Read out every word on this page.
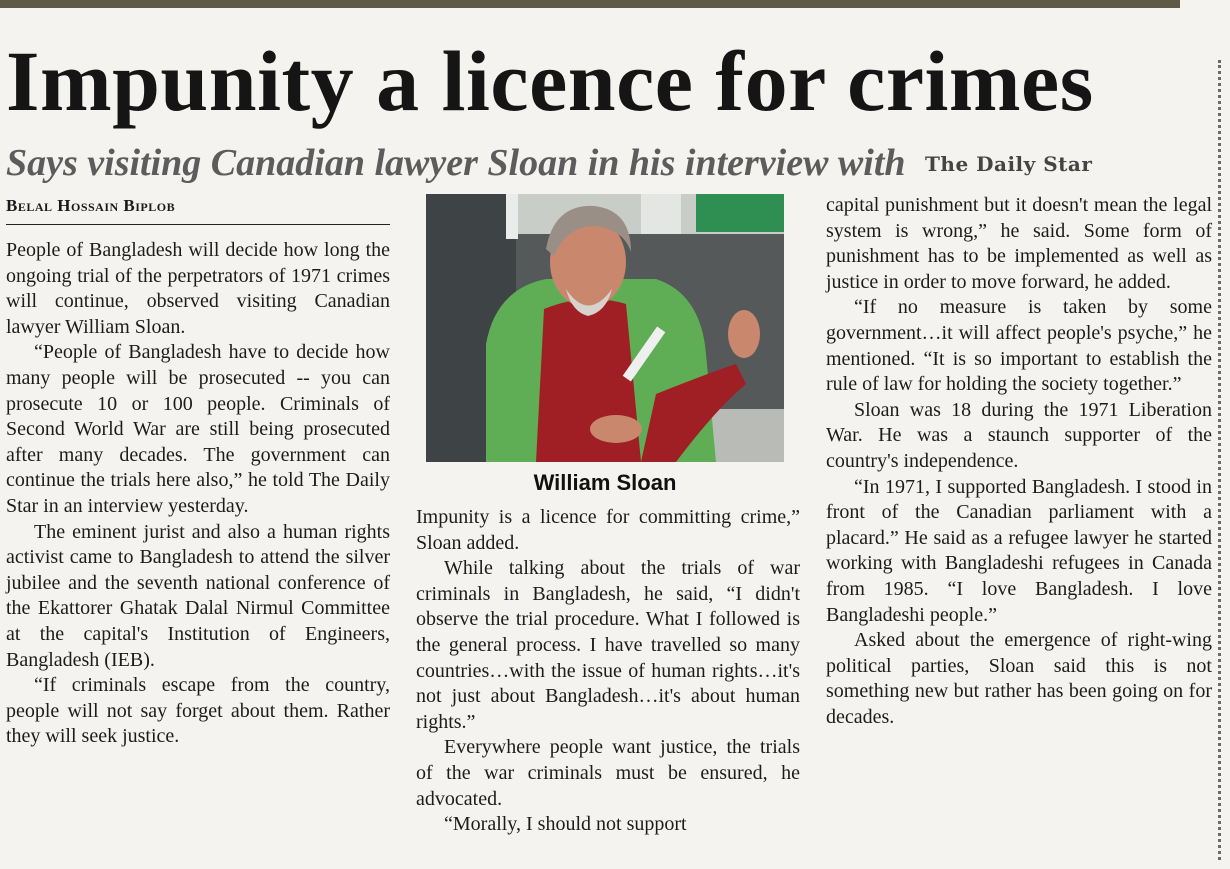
Impunity a licence for crimes
Says visiting Canadian lawyer Sloan in his interview with The Daily Star
Belal Hossain Biplob

People of Bangladesh will decide how long the ongoing trial of the perpetrators of 1971 crimes will continue, observed visiting Canadian lawyer William Sloan.

“People of Bangladesh have to decide how many people will be prosecuted -- you can prosecute 10 or 100 people. Criminals of Second World War are still being prosecuted after many decades. The government can continue the trials here also,” he told The Daily Star in an interview yesterday.

The eminent jurist and also a human rights activist came to Bangladesh to attend the silver jubilee and the seventh national conference of the Ekattorer Ghatak Dalal Nirmul Committee at the capital's Institution of Engineers, Bangladesh (IEB).

“If criminals escape from the country, people will not say forget about them. Rather they will seek justice.

William Sloan

Impunity is a licence for committing crime,” Sloan added.

While talking about the trials of war criminals in Bangladesh, he said, “I didn't observe the trial procedure. What I followed is the general process. I have travelled so many countries…with the issue of human rights…it's not just about Bangladesh…it's about human rights.”

Everywhere people want justice, the trials of the war criminals must be ensured, he advocated.

“Morally, I should not support

capital punishment but it doesn't mean the legal system is wrong,” he said. Some form of punishment has to be implemented as well as justice in order to move forward, he added.

“If no measure is taken by some government…it will affect people's psyche,” he mentioned. “It is so important to establish the rule of law for holding the society together.”

Sloan was 18 during the 1971 Liberation War. He was a staunch supporter of the country's independence.

“In 1971, I supported Bangladesh. I stood in front of the Canadian parliament with a placard.” He said as a refugee lawyer he started working with Bangladeshi refugees in Canada from 1985. “I love Bangladesh. I love Bangladeshi people.”

Asked about the emergence of right-wing political parties, Sloan said this is not something new but rather has been going on for decades.
